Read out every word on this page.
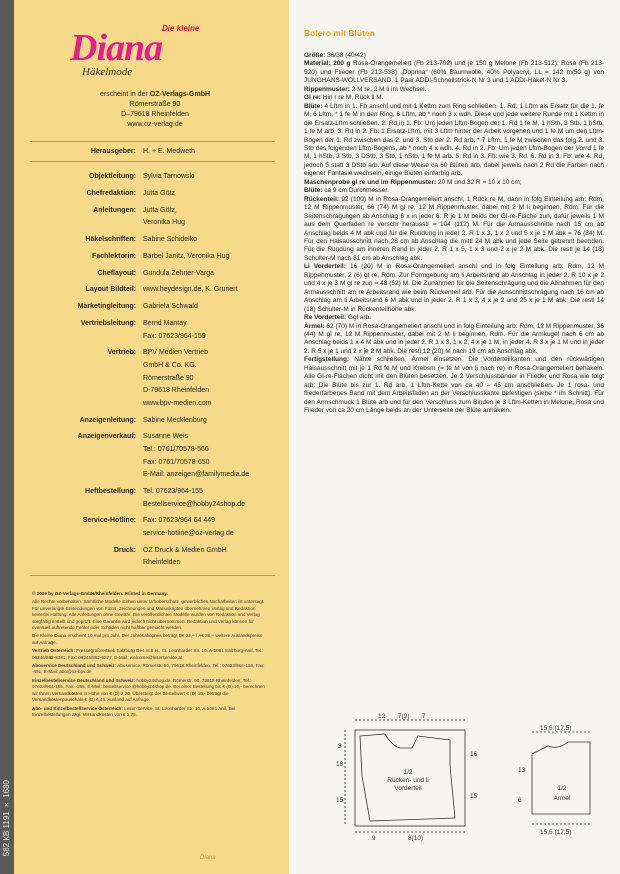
582 КВ 1191 × 1680
Die kleine
Diana
Häkelmode
erscheint in der OZ-Verlags-GmbH
Römerstraße 90
D–79618 Rheinfelden
www.oz-verlag.de
Herausgeber: H. + E. Medweth
Objektleitung: Sylvia Tarnowski
Chefredaktion: Jutta Götz
Anleitungen: Jutta Götz,
Veronika Hug
Häkelschriften: Sabine Schidelko
Fachlektorin: Bärbel Janitz, Veronika Hug
Cheflayout: Gundula Zehner-Varga
Layout Bildteil: www.heydesign.de, K. Grunert
Marketingleitung: Gabriela Schwald
Vertriebsleitung: Bernd Mantay
Fax: 07623/964-159
Vertrieb: BPV Medien Vertrieb
GmbH & Co. KG.
Römerstraße 90
D-79618 Rheinfelden
www.bpv-medien.com
Anzeigenleitung: Sabine Mecklenburg
Anzeigenverkauf: Susanne Weis
Tel.: 0761/70578-566
Fax: 0761/70578-650
E-Mail: anzeigen@familymedia.de
Heftbestellung: Tel. 07623/964-155
Bestellservice@hobby24shop.de
Service-Hotline: Fax: 07623/964 64 449
service-hotline@oz-verlag.de
Druck: OZ Druck & Medien GmbH
Rheinfelden

© 2009 by OZ-Verlags-GmbH/Rheinfelden. Printed in Germany.

Alle Rechte vorbehalten. Sämtliche Modelle stehen unter Urheberschutz, gewerbliches Nacharbeiten ist untersagt. Für unverlangte Einsendungen von Fotos, Zeichnungen und Manuskripten übernehmen Verlag und Redaktion keinerlei Haftung. Alle Anleitungen ohne Gewähr. Die veröffentlichten Modelle wurden von Redaktion und Verlag sorgfältig erstellt und geprüft. Eine Garantie wird jedoch nicht übernommen. Redaktion und Verlag können für eventuell auftretende Fehler oder Schäden nicht haftbar gemacht werden.

Die Kleine Diana erscheint 10 mal pro Jahr. Der Jahresabopreis beträgt D€ 22,– / A€ 36,– weitere Auslandspreise auf Anfrage.

Vertrieb Österreich: Pressegroßvertrieb Salzburg Ges.m.b.H., St. Leonharder Str. 10, A-5081 Salzburg-Anif, Tel.: 06246/882-5381, Fax: 06246/882-5277, E-Mail: welcome@leserservice.at

Aboservice Deutschland und Schweiz: Aboservice, Römerstr. 90, 79618 Rheinfelden, Tel.: 07623/964-156, Fax: -451, E-Mail: abo@oz-bpv.de

Einzelbestellservice Deutschland und Schweiz: hobby24shop.de, Römerstr. 90, 79618 Rheinfelden, Tel.: 07623/964-155, Fax: -255, E-Mail: bestellservice @hobby24shop.de. Bei einer Bestellung bis € (D) 10,- berechnen wir Ihnen Versandkosten in Höhe von € (D) 2,20. Übersteigt der Bestellwert € (D) 10,- beträgt die Versandkostenpauschale € (D) 4,45. Ausland auf Anfrage.

Abo- und Einzelbestellservice Österreich: Leser-Service, St. Leonharder Str. 10, A-5081 Anif. Bei Einzelbestellungen zzgl. Versandkosten von € 1,75.

Diana
Bolero mit Blüten
Größe: 36/38 (40/42)
Material: 200 g Rosa-Orangemeliert (Fb 213-702) und je 150 g Melone (Fb 213-512), Rosa (Fb 213-520) und Flieder (Fb 213-538) „Doprina" (60% Baumwolle, 40% Polyacryl, LL = 142 m/50 g) von JUNGHANS-WOLLVERSAND. 1 Paar ADDI-Schnellstrick-N Nr 3 und 1 ADDI-Häkel-N Nr 3.
Rippenmuster: 2 M re, 2 M li im Wechsel.
Gl re: Hin r re M, Rück ll M.
Blüte: 4 Lftm in 1. Fb anschl und mit 1 Kettm zum Ring schließen. 1. Rd: 1 Lftm als Ersatz für die 1. fe M, 6 Lftm, * 1 fe M in den Ring, 6 Lftm, ab * noch 3 x wdh. Diese und jede weitere Runde mit 1 Kettm in die Ersatz-Lftm schließen. 2. Rd in 1. Fb: Um jeden Lftm-Bogen der 1. Rd 1 fe M, 1 hStb, 3 Stb, 1 hStb, 1 fe M arb. 3. Rd in 2. Fb: 1 Ersatz-Lftm, mit 3 Lftm hinter der Arbeit vorgehen und 1 fe M um den Lftm-Bogen der 1. Rd zwischen das 2. und 3. Stb der 2. Rd arb, * 7 Lftm, 1 fe M zwischen das folg 2. und 3. Stb des folgenden Lftm-Bogens, ab * noch 4 x wdh. 4. Rd in 2. Fb: Um jeden Lftm-Bogen der Vorrd 1 fe M, 1 hStb, 3 Stb, 3 DStb, 3 Stb, 1 hStb, 1 fe M arb. 5. Rd in 3. Fb: wie 3. Rd. 6. Rd in 3. Fb: wie 4. Rd, jedoch 5 statt 3 DStb arb. Auf diese Weise ca 60 Blüten arb, dabei jeweils nach 2 Rd die Farben nach eigener Fantasie wechseln, einige Blüten einfarbig arb.
Maschenprobe gl re und im Rippenmuster: 20 M und 32 R = 10 x 10 cm;
Blüte: ca 9 cm Durchmesser.
Rückenteil: 92 (100) M in Rosa-Orangemeliert anschl, 1 Rück re M, dann in folg Einteilung arb: Rdm, 12 M Rippenmuster, 66 (74) M gl re, 12 M Rippenmuster, dabei mit 2 M li beginnen, Rdm. Für die Seitenschrägungen ab Anschlag 6 x in jeder 6. R je 1 M beids der Gl-re-Fläche zun, dafür jeweils 1 M aus dem Querfaden re verschr herausstr = 104 (112) M. Für die Armausschnitte nach 15 cm ab Anschlag beids 4 M abk und für die Rundung in jeder 2. R 1 x 3, 1 x 2 und 5 x je 1 M abk = 76 (84) M. Für den Halsausschnitt nach 28 cm ab Anschlag die mittl 24 M abk und jede Seite getrennt beenden. Für die Rundung am inneren Rand in jeder 2. R 1 x 5, 1 x 3 und 2 x je 2 M abk. Die restl je 14 (18) Schulter-M nach 31 cm ab Anschlag abk.
Li Vorderteil: 16 (20) M in Rosa-Orangemeliert anschl und in folg Einteilung arb: Rdm, 12 M Rippenmuster, 2 (6) gl re, Rdm. Zur Formgebung am li Arbeitsrand ab Anschlag in jeder 2. R 10 x je 2 und 4 x je 3 M gl re zun = 48 (52) M. Die Zunahmen für die Seitenschrägung und die Abnahmen für den Armausschnitt am re Arbeitsrand wie beim Rückenteil arb. Für die Ausschnittschrägung nach 16 cm ab Anschlag am li Arbeitsrand 6 M abk und in jeder 2. R 1 x 3, 4 x je 2 und 25 x je 1 M abk. Die restl 14 (18) Schulter-M in Rückenteilhöhe abk.
Re Vorderteil: Ggl arb.
Ärmel: 62 (70) M in Rosa-Orangemeliert anschl und in folg Einteilung arb: Rdm, 12 M Rippenmuster, 36 (44) M gl re, 12 M Rippenmuster, dabei mit 2 M li beginnen, Rdm. Für die Armkugel nach 6 cm ab Anschlag beids 1 x 4 M abk und in jeder 2. R 1 x 3, 1 x 2, 4 x je 1 M, in jeder 4. R 3 x je 1 M und in jeder 2. R 5 x je 1 und 2 x je 2 M abk. Die restl 12 (20) M nach 19 cm ab Anschlag abk.
Fertigstellung: Nähte schließen, Ärmel einsetzen. Die Vorderteilkanten und den rückwärtigen Halsausschnitt mit je 1 Rd fe M und Krebsm (= fe M von li nach re) in Rosa-Orangemeliert behäkeln. Alle Gl-re-Flächen dicht mit den Blüten besetzen. Je 2 Verschlussbänder in Flieder und Rosa wie folgt arb: Die Blüte bis zur 1. Rd arb, 1 Lftm-Kette von ca 40 – 45 cm anschließen. Je 1 rosa- und fliederfarbenes Band mit dem Arbeitsfaden an der Verschlusskante befestigen (siehe * im Schnitt). Für den Armschmuck 1 Blüte arb und für den Verschluss zum Binden je 3 Lftm-Ketten in Melone, Rosa und Flieder von ca 20 cm Länge beids an der Unterseite der Blüte anhäkeln.
1/2
Rücken- und li
Vorderteil
12 7(9) 7
3
18
16
15
15
8(10)
9
1/2
Ärmel
15,5 (17,5)
13
6
15,5 (17,5)
